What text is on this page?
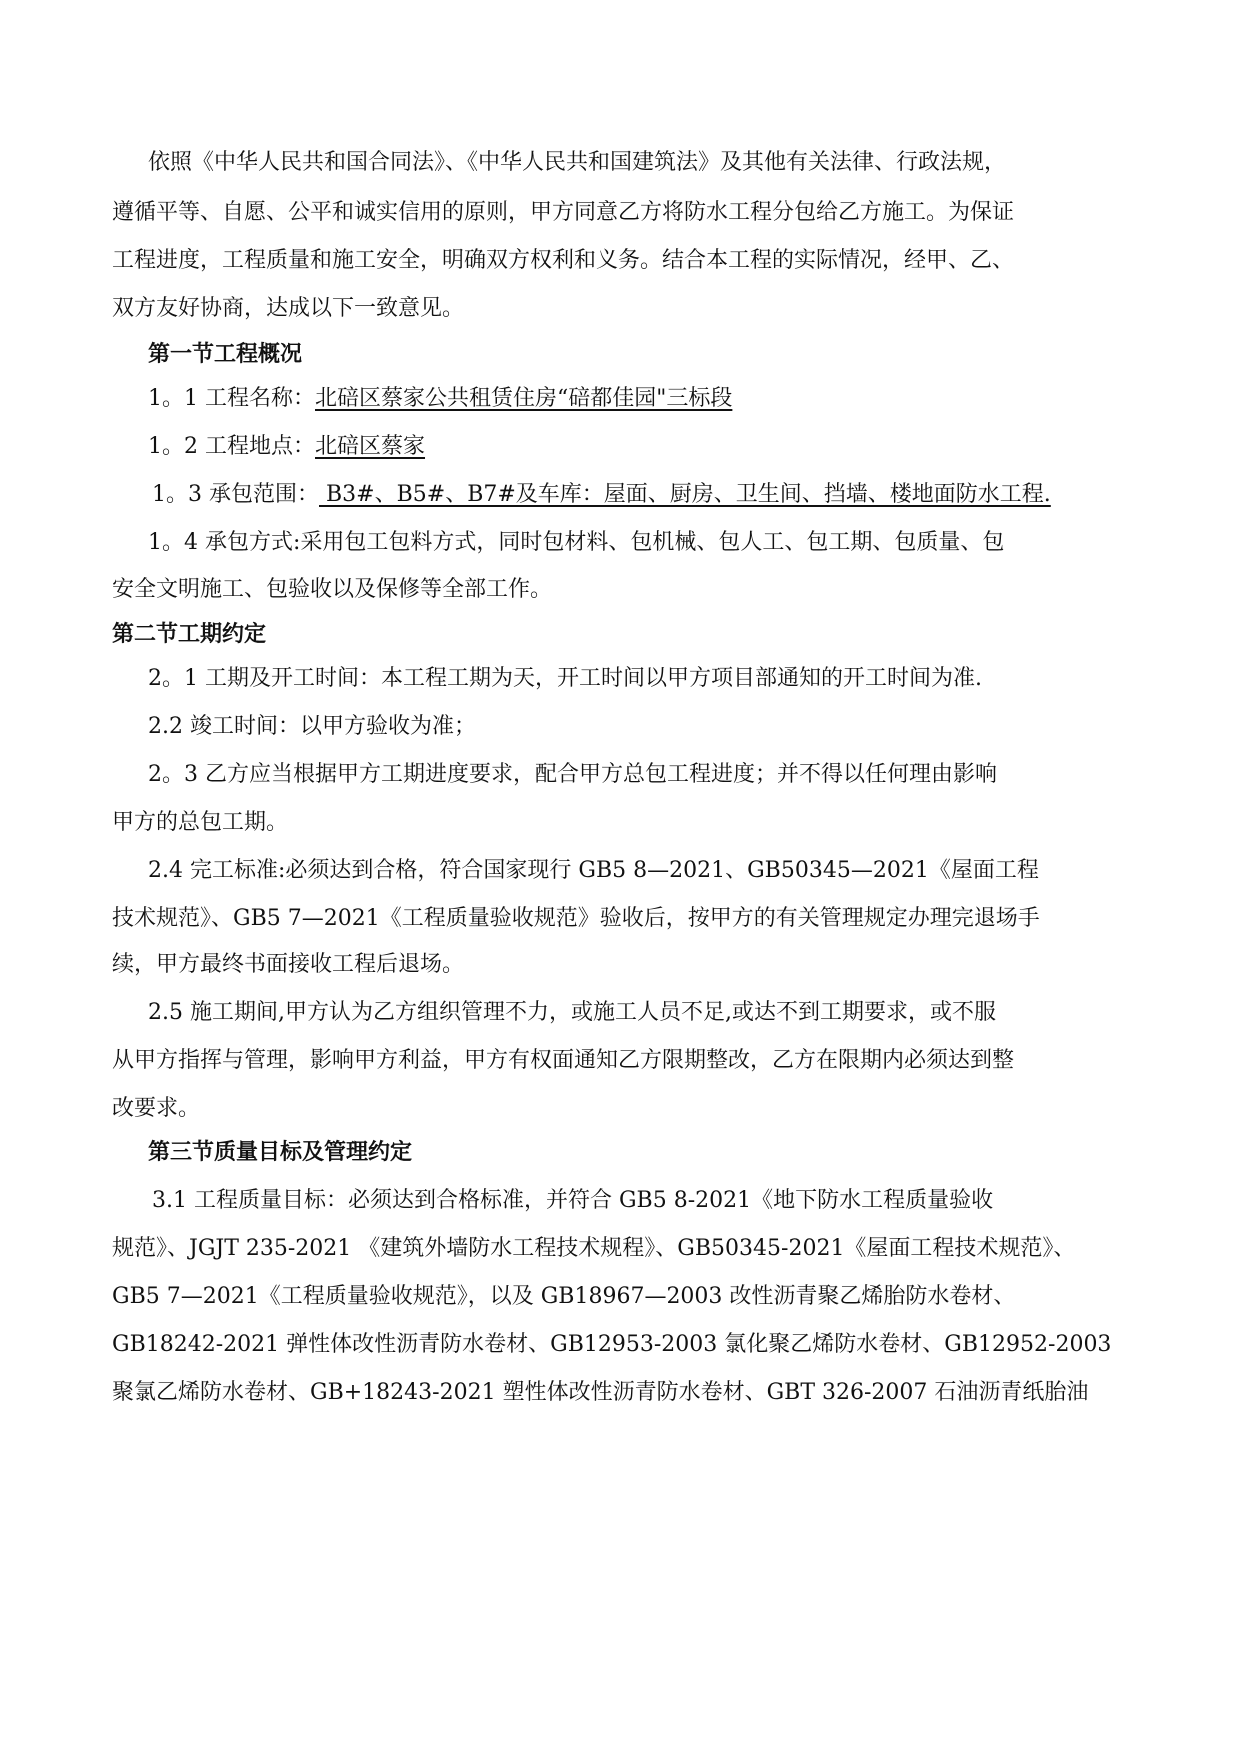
依照《中华人民共和国合同法》、《中华人民共和国建筑法》及其他有关法律、行政法规，
遵循平等、自愿、公平和诚实信用的原则，甲方同意乙方将防水工程分包给乙方施工。为保证
工程进度，工程质量和施工安全，明确双方权利和义务。结合本工程的实际情况，经甲、乙、
双方友好协商，达成以下一致意见。
第一节工程概况
1。1 工程名称：北碚区蔡家公共租赁住房“碚都佳园"三标段
1。2 工程地点：北碚区蔡家
1。3 承包范围： B3#、B5#、B7#及车库：屋面、厨房、卫生间、挡墙、楼地面防水工程.
1。4 承包方式:采用包工包料方式，同时包材料、包机械、包人工、包工期、包质量、包
安全文明施工、包验收以及保修等全部工作。
第二节工期约定
2。1 工期及开工时间：本工程工期为天，开工时间以甲方项目部通知的开工时间为准.
2.2 竣工时间：以甲方验收为准；
2。3 乙方应当根据甲方工期进度要求，配合甲方总包工程进度；并不得以任何理由影响
甲方的总包工期。
2.4 完工标准:必须达到合格，符合国家现行 GB5 8—2021、GB50345—2021《屋面工程
技术规范》、GB5 7—2021《工程质量验收规范》验收后，按甲方的有关管理规定办理完退场手
续，甲方最终书面接收工程后退场。
2.5 施工期间,甲方认为乙方组织管理不力，或施工人员不足,或达不到工期要求，或不服
从甲方指挥与管理，影响甲方利益，甲方有权面通知乙方限期整改，乙方在限期内必须达到整
改要求。
第三节质量目标及管理约定
3.1 工程质量目标：必须达到合格标准，并符合 GB5 8-2021《地下防水工程质量验收
规范》、JGJT 235-2021 《建筑外墙防水工程技术规程》、GB50345-2021《屋面工程技术规范》、
GB5 7—2021《工程质量验收规范》，以及 GB18967—2003 改性沥青聚乙烯胎防水卷材、
GB18242-2021 弹性体改性沥青防水卷材、GB12953-2003 氯化聚乙烯防水卷材、GB12952-2003
聚氯乙烯防水卷材、GB+18243-2021 塑性体改性沥青防水卷材、GBT 326-2007 石油沥青纸胎油
